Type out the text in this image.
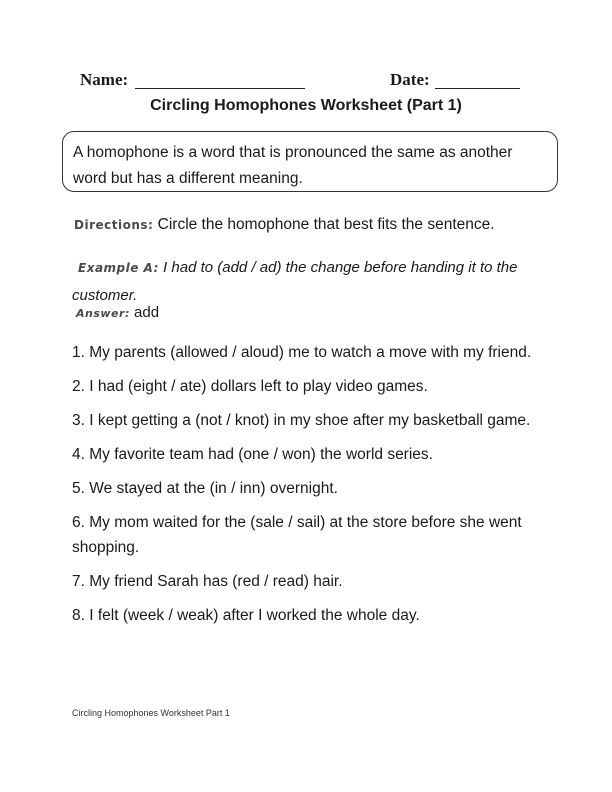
Name:	Date:
Circling Homophones Worksheet (Part 1)
A homophone is a word that is pronounced the same as another word but has a different meaning.
Directions: Circle the homophone that best fits the sentence.
Example A: I had to (add / ad) the change before handing it to the customer.
Answer: add
1. My parents (allowed / aloud) me to watch a move with my friend.
2. I had (eight / ate) dollars left to play video games.
3. I kept getting a (not / knot) in my shoe after my basketball game.
4. My favorite team had (one / won) the world series.
5. We stayed at the (in / inn) overnight.
6. My mom waited for the (sale / sail) at the store before she went shopping.
7. My friend Sarah has (red / read) hair.
8. I felt (week / weak) after I worked the whole day.
Circling Homophones Worksheet Part 1
